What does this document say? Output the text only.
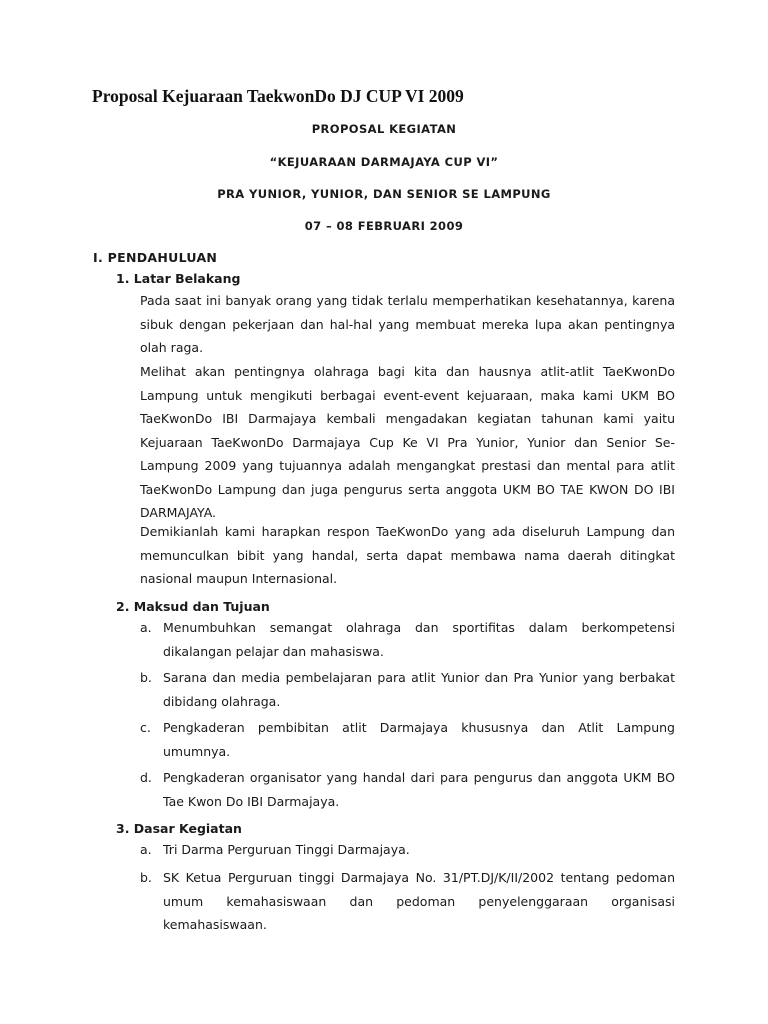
Proposal Kejuaraan TaekwonDo DJ CUP VI 2009
PROPOSAL KEGIATAN
“KEJUARAAN DARMAJAYA CUP VI”
PRA YUNIOR, YUNIOR, DAN SENIOR SE LAMPUNG
07 – 08 FEBRUARI 2009
I. PENDAHULUAN
1. Latar Belakang
Pada saat ini banyak orang yang tidak terlalu memperhatikan kesehatannya, karena sibuk dengan pekerjaan dan hal-hal yang membuat mereka lupa akan pentingnya olah raga.
Melihat akan pentingnya olahraga bagi kita dan hausnya atlit-atlit TaeKwonDo Lampung untuk mengikuti berbagai event-event kejuaraan, maka kami UKM BO TaeKwonDo IBI Darmajaya kembali mengadakan kegiatan tahunan kami yaitu Kejuaraan TaeKwonDo Darmajaya Cup Ke VI Pra Yunior, Yunior dan Senior Se-Lampung 2009 yang tujuannya adalah mengangkat prestasi dan mental para atlit TaeKwonDo Lampung dan juga pengurus serta anggota UKM BO TAE KWON DO IBI DARMAJAYA.
Demikianlah kami harapkan respon TaeKwonDo yang ada diseluruh Lampung dan memunculkan bibit yang handal, serta dapat membawa nama daerah ditingkat nasional maupun Internasional.
2. Maksud dan Tujuan
a. Menumbuhkan semangat olahraga dan sportifitas dalam berkompetensi dikalangan pelajar dan mahasiswa.
b. Sarana dan media pembelajaran para atlit Yunior dan Pra Yunior yang berbakat dibidang olahraga.
c. Pengkaderan pembibitan atlit Darmajaya khususnya dan Atlit Lampung umumnya.
d. Pengkaderan organisator yang handal dari para pengurus dan anggota UKM BO Tae Kwon Do IBI Darmajaya.
3. Dasar Kegiatan
a. Tri Darma Perguruan Tinggi Darmajaya.
b. SK Ketua Perguruan tinggi Darmajaya No. 31/PT.DJ/K/II/2002 tentang pedoman umum kemahasiswaan dan pedoman penyelenggaraan organisasi kemahasiswaan.
